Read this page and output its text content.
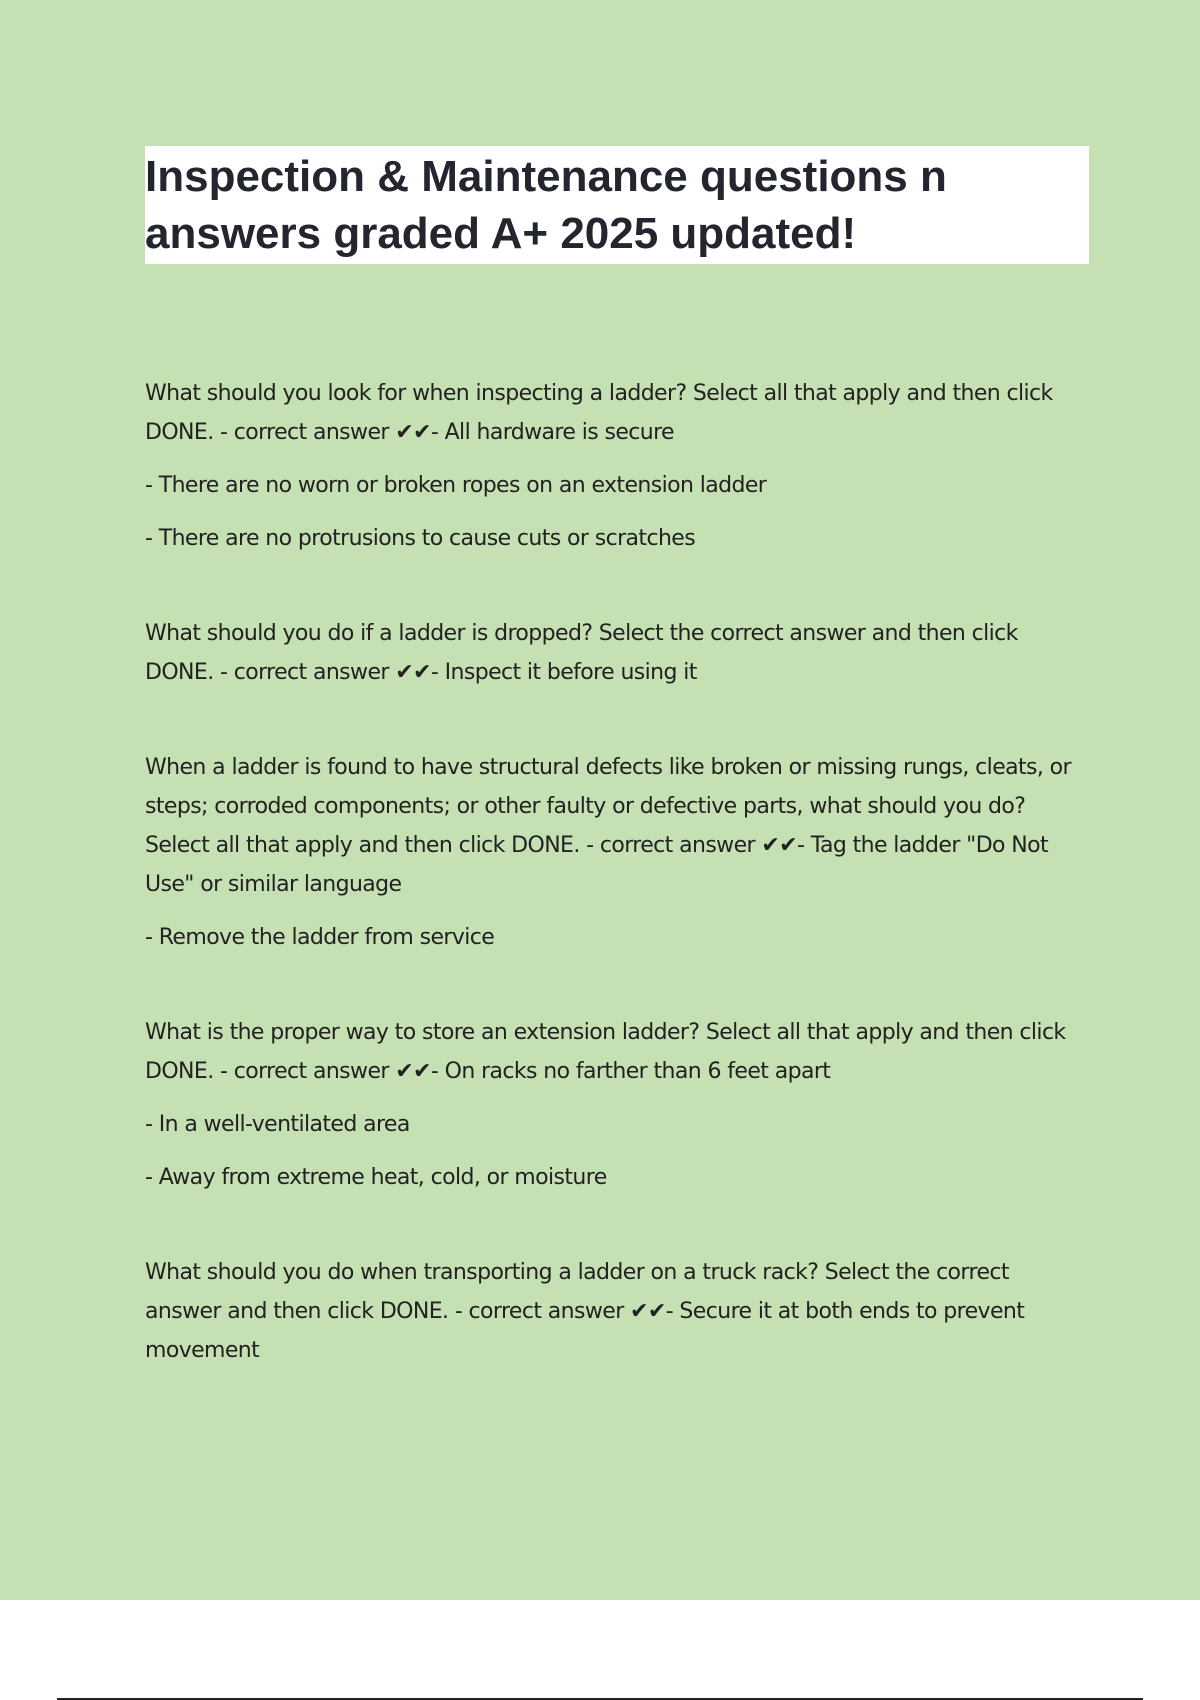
Inspection & Maintenance questions n answers graded A+ 2025 updated!

What should you look for when inspecting a ladder? Select all that apply and then click DONE. - correct answer ✔✔- All hardware is secure

- There are no worn or broken ropes on an extension ladder

- There are no protrusions to cause cuts or scratches

What should you do if a ladder is dropped? Select the correct answer and then click DONE. - correct answer ✔✔- Inspect it before using it

When a ladder is found to have structural defects like broken or missing rungs, cleats, or steps; corroded components; or other faulty or defective parts, what should you do? Select all that apply and then click DONE. - correct answer ✔✔- Tag the ladder "Do Not Use" or similar language

- Remove the ladder from service

What is the proper way to store an extension ladder? Select all that apply and then click DONE. - correct answer ✔✔- On racks no farther than 6 feet apart

- In a well-ventilated area

- Away from extreme heat, cold, or moisture

What should you do when transporting a ladder on a truck rack? Select the correct answer and then click DONE. - correct answer ✔✔- Secure it at both ends to prevent movement
